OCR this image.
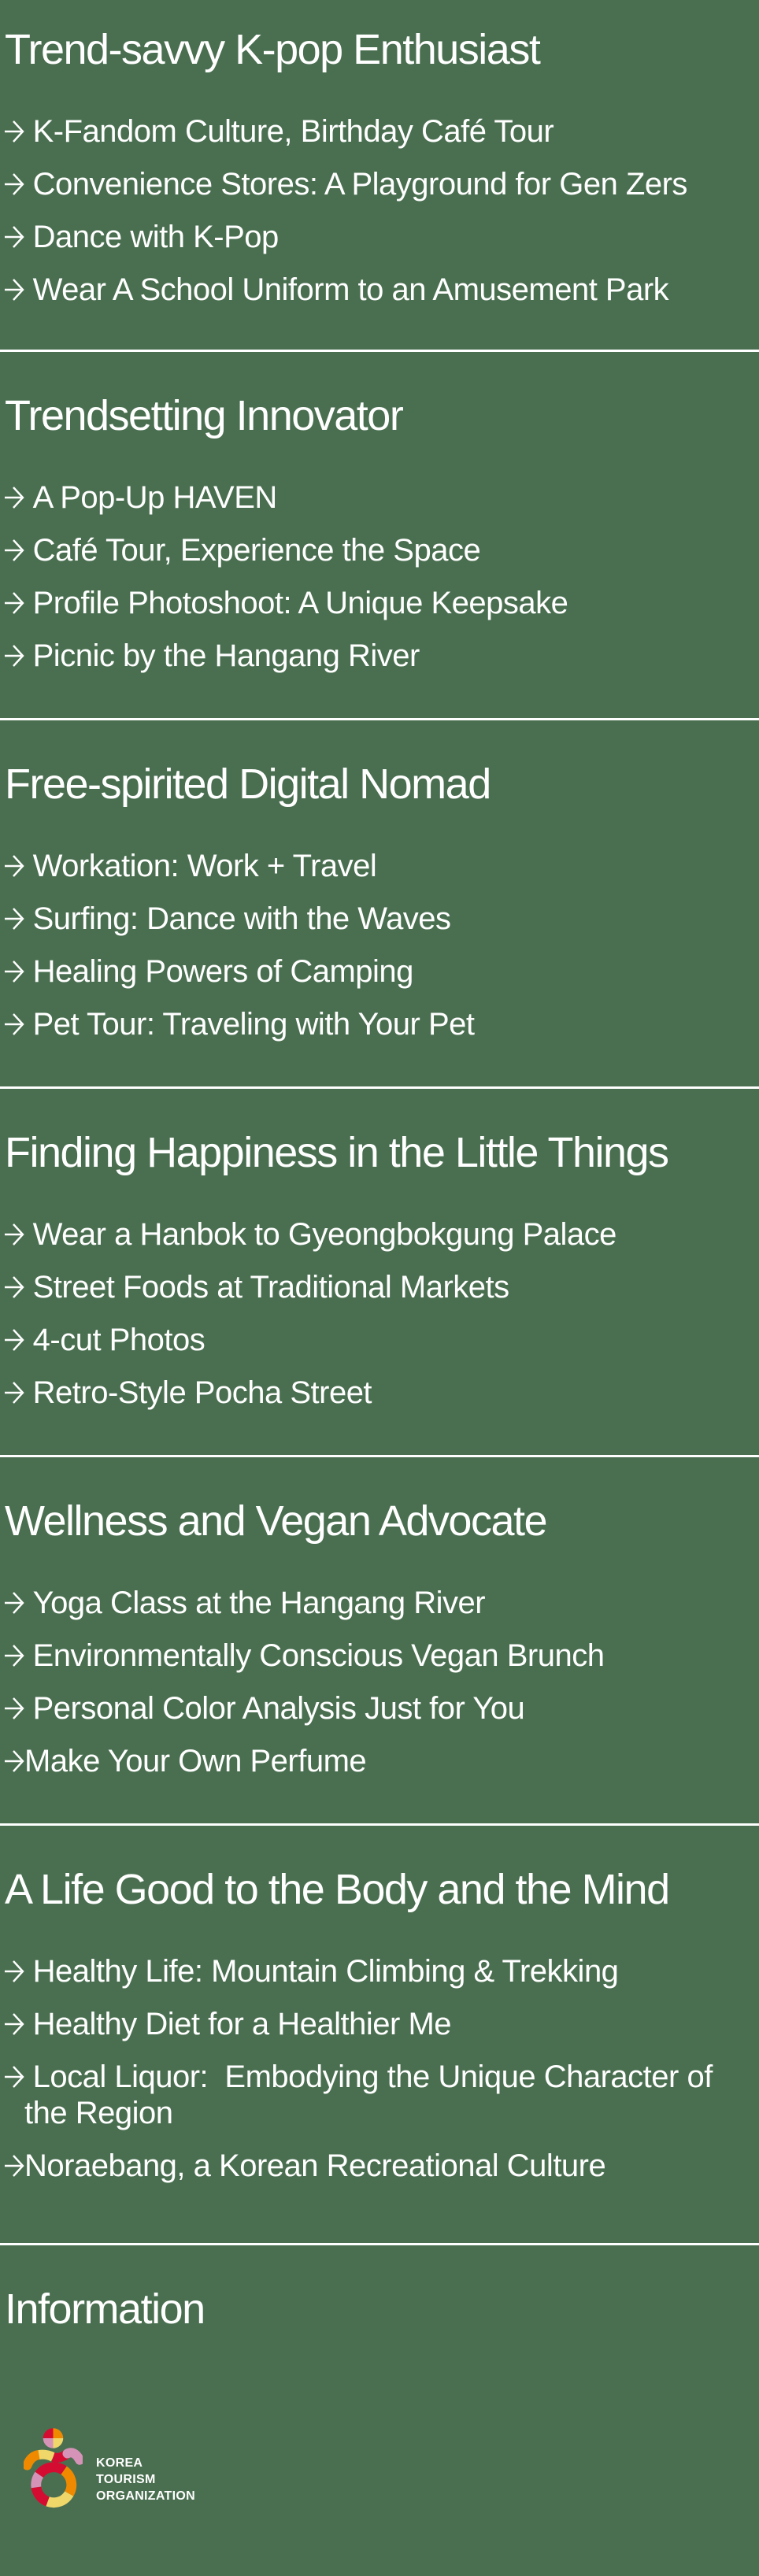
Trend-savvy K-pop Enthusiast
K-Fandom Culture, Birthday Café Tour
Convenience Stores: A Playground for Gen Zers
Dance with K-Pop
Wear A School Uniform to an Amusement Park
Trendsetting Innovator
A Pop-Up HAVEN
Café Tour, Experience the Space
Profile Photoshoot: A Unique Keepsake
Picnic by the Hangang River
Free-spirited Digital Nomad
Workation: Work + Travel
Surfing: Dance with the Waves
Healing Powers of Camping
Pet Tour: Traveling with Your Pet
Finding Happiness in the Little Things
Wear a Hanbok to Gyeongbokgung Palace
Street Foods at Traditional Markets
4-cut Photos
Retro-Style Pocha Street
Wellness and Vegan Advocate
Yoga Class at the Hangang River
Environmentally Conscious Vegan Brunch
Personal Color Analysis Just for You
Make Your Own Perfume
A Life Good to the Body and the Mind
Healthy Life: Mountain Climbing & Trekking
Healthy Diet for a Healthier Me
Local Liquor:  Embodying the Unique Character of the Region
Noraebang, a Korean Recreational Culture
Information
KOREA
TOURISM
ORGANIZATION
